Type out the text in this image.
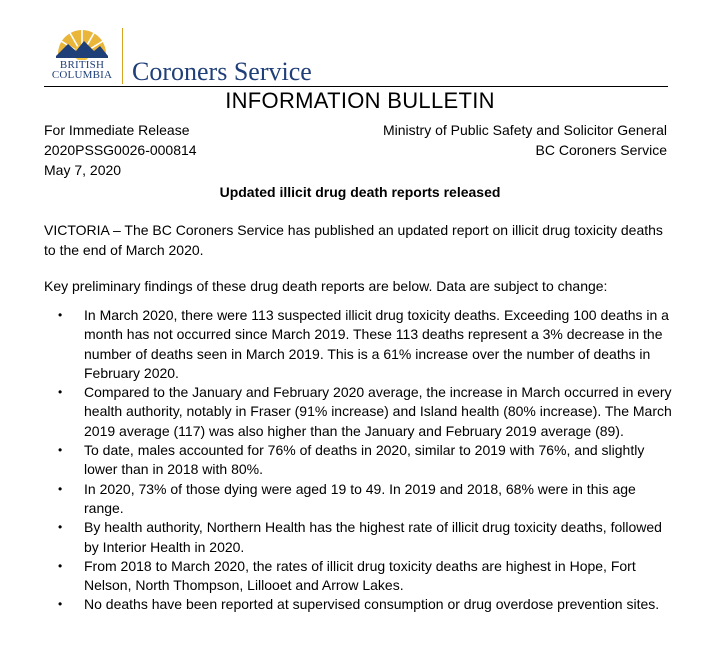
BRITISH
COLUMBIA Coroners Service
INFORMATION BULLETIN
For Immediate Release
2020PSSG0026-000814
May 7, 2020
Ministry of Public Safety and Solicitor General
BC Coroners Service
Updated illicit drug death reports released

VICTORIA – The BC Coroners Service has published an updated report on illicit drug toxicity deaths to the end of March 2020.

Key preliminary findings of these drug death reports are below. Data are subject to change:

• In March 2020, there were 113 suspected illicit drug toxicity deaths. Exceeding 100 deaths in a month has not occurred since March 2019. These 113 deaths represent a 3% decrease in the number of deaths seen in March 2019. This is a 61% increase over the number of deaths in February 2020.
• Compared to the January and February 2020 average, the increase in March occurred in every health authority, notably in Fraser (91% increase) and Island health (80% increase). The March 2019 average (117) was also higher than the January and February 2019 average (89).
• To date, males accounted for 76% of deaths in 2020, similar to 2019 with 76%, and slightly lower than in 2018 with 80%.
• In 2020, 73% of those dying were aged 19 to 49. In 2019 and 2018, 68% were in this age range.
• By health authority, Northern Health has the highest rate of illicit drug toxicity deaths, followed by Interior Health in 2020.
• From 2018 to March 2020, the rates of illicit drug toxicity deaths are highest in Hope, Fort Nelson, North Thompson, Lillooet and Arrow Lakes.
• No deaths have been reported at supervised consumption or drug overdose prevention sites.
